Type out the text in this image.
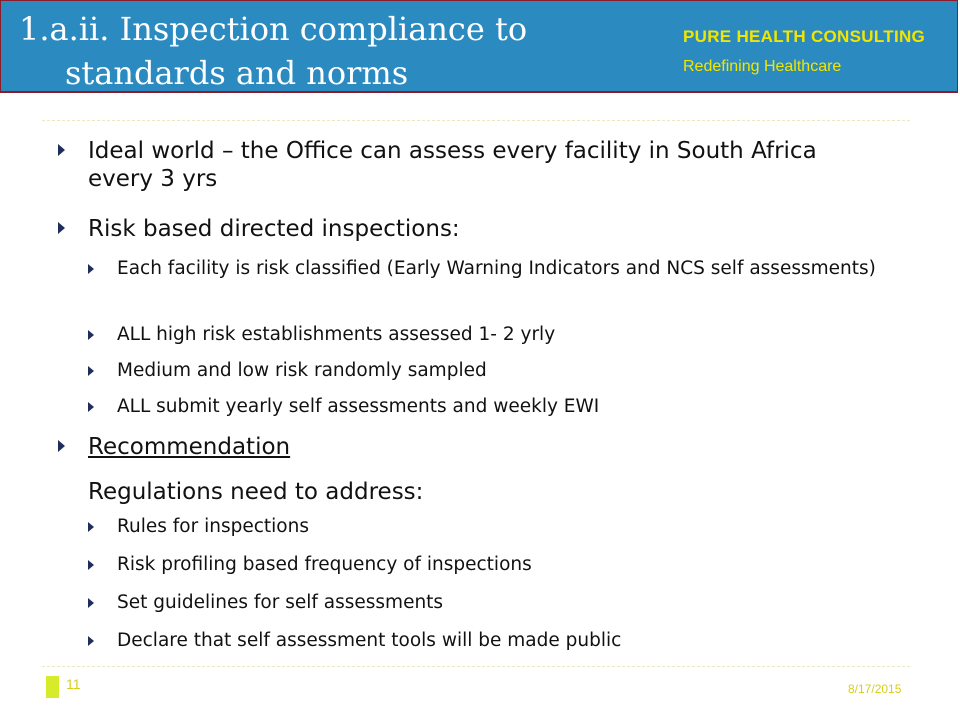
1.a.ii. Inspection compliance to
standards and norms
PURE HEALTH CONSULTING
Redefining Healthcare
Ideal world – the Office can assess every facility in South Africa every 3 yrs
Risk based directed inspections:
Each facility is risk classified (Early Warning Indicators and NCS self assessments)
ALL high risk establishments assessed 1- 2 yrly
Medium and low risk randomly sampled
ALL submit yearly self assessments and weekly EWI
Recommendation
Regulations need to address:
Rules for inspections
Risk profiling based frequency of inspections
Set guidelines for self assessments
Declare that self assessment tools will be made public
11	8/17/2015
